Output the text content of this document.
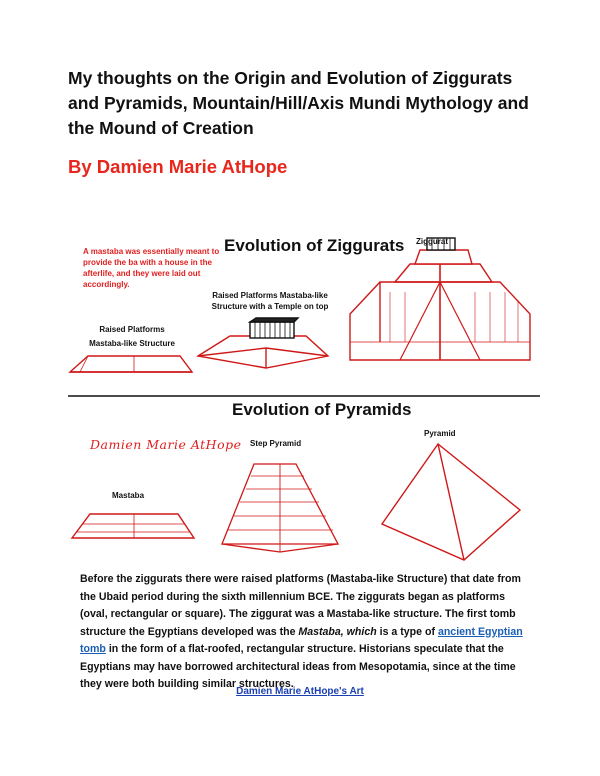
My thoughts on the Origin and Evolution of Ziggurats and Pyramids, Mountain/Hill/Axis Mundi Mythology and the Mound of Creation
By Damien Marie AtHope
A mastaba was essentially meant to provide the ba with a house in the afterlife, and they were laid out accordingly.
Evolution of Ziggurats Ziggurat
Raised Platforms Mastaba-like
Structure with a Temple on top
Raised Platforms
Mastaba-like Structure
Evolution of Pyramids
Damien Marie AtHope Step Pyramid
Pyramid
Mastaba
Before the ziggurats there were raised platforms (Mastaba-like Structure) that date from the Ubaid period during the sixth millennium BCE. The ziggurats began as platforms (oval, rectangular or square). The ziggurat was a Mastaba-like structure. The first tomb structure the Egyptians developed was the Mastaba, which is a type of ancient Egyptian tomb in the form of a flat-roofed, rectangular structure. Historians speculate that the Egyptians may have borrowed architectural ideas from Mesopotamia, since at the time they were both building similar structures.
Damien Marie AtHope's Art
